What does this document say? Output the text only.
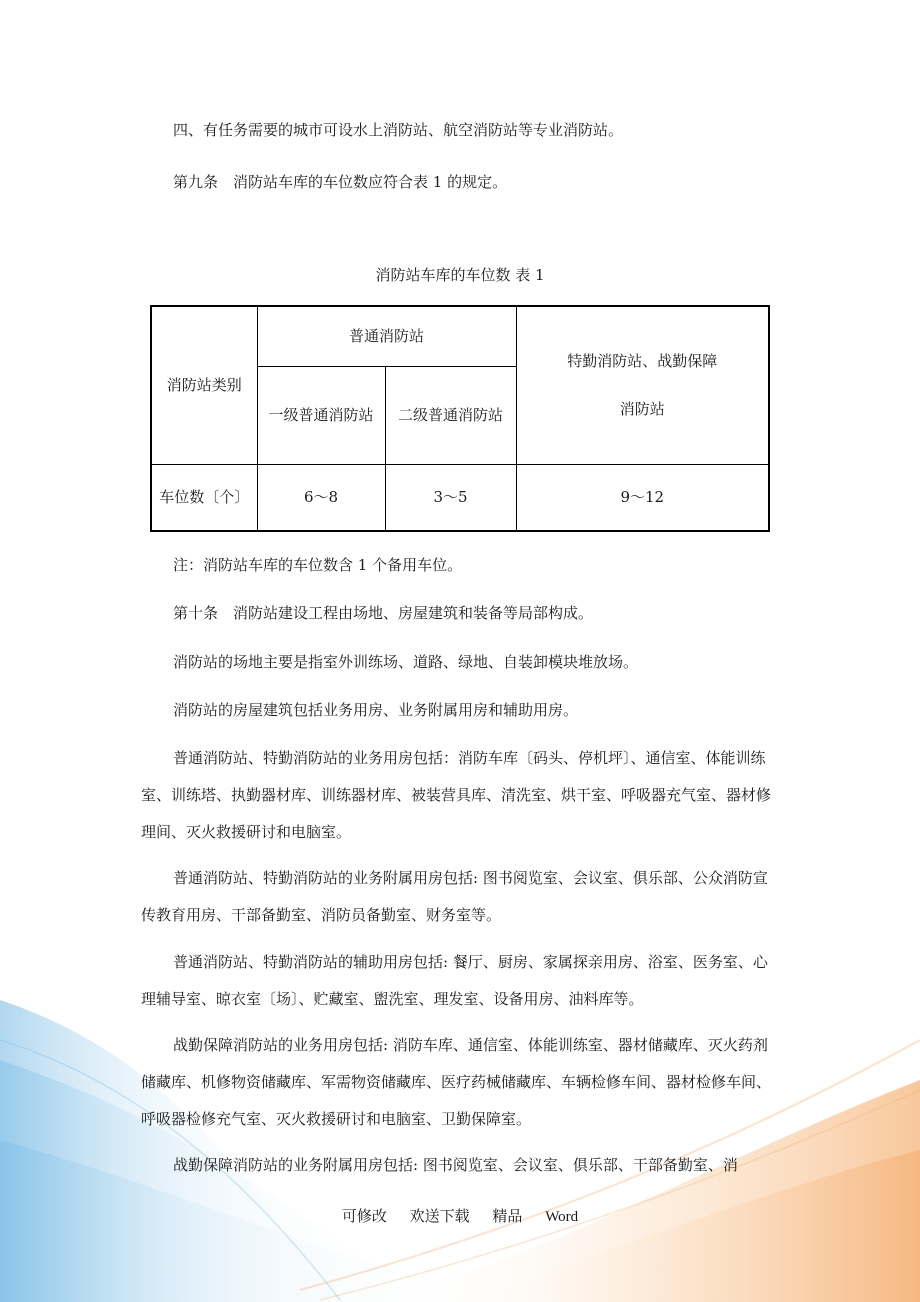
四、有任务需要的城市可设水上消防站、航空消防站等专业消防站。
第九条　消防站车库的车位数应符合表 1 的规定。
消防站车库的车位数 表 1
消防站类别	普通消防站		特勤消防站、战勤保障
消防站

	一级普通消防站	二级普通消防站	
车位数〔个〕	6～8	3～5	9～12
注：消防站车库的车位数含 1 个备用车位。
第十条　消防站建设工程由场地、房屋建筑和装备等局部构成。
消防站的场地主要是指室外训练场、道路、绿地、自装卸模块堆放场。
消防站的房屋建筑包括业务用房、业务附属用房和辅助用房。
普通消防站、特勤消防站的业务用房包括：消防车库〔码头、停机坪〕、通信室、体能训练室、训练塔、执勤器材库、训练器材库、被装营具库、清洗室、烘干室、呼吸器充气室、器材修理间、灭火救援研讨和电脑室。
普通消防站、特勤消防站的业务附属用房包括: 图书阅览室、会议室、俱乐部、公众消防宣传教育用房、干部备勤室、消防员备勤室、财务室等。
普通消防站、特勤消防站的辅助用房包括: 餐厅、厨房、家属探亲用房、浴室、医务室、心理辅导室、晾衣室〔场〕、贮藏室、盥洗室、理发室、设备用房、油料库等。
战勤保障消防站的业务用房包括: 消防车库、通信室、体能训练室、器材储藏库、灭火药剂储藏库、机修物资储藏库、军需物资储藏库、医疗药械储藏库、车辆检修车间、器材检修车间、呼吸器检修充气室、灭火救援研讨和电脑室、卫勤保障室。
战勤保障消防站的业务附属用房包括: 图书阅览室、会议室、俱乐部、干部备勤室、消
可修改 欢送下载 精品 Word
